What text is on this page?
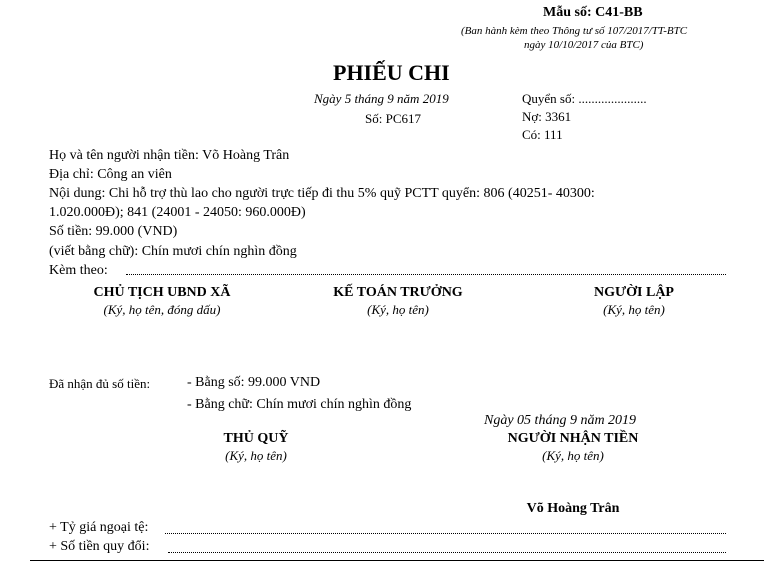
Mẫu số: C41-BB
(Ban hành kèm theo Thông tư số 107/2017/TT-BTC
ngày 10/10/2017 của BTC)
PHIẾU CHI
Ngày 5 tháng 9 năm 2019
Số: PC617
Quyển số: .....................
Nợ: 3361
Có: 111
Họ và tên người nhận tiền: Võ Hoàng Trân
Địa chỉ: Công an viên
Nội dung: Chi hỗ trợ thù lao cho người trực tiếp đi thu 5% quỹ PCTT quyển: 806 (40251- 40300:
1.020.000Đ); 841 (24001 - 24050: 960.000Đ)
Số tiền: 99.000 (VND)
(viết bằng chữ): Chín mươi chín nghìn đồng
Kèm theo:
CHỦ TỊCH UBND XÃ
(Ký, họ tên, đóng dấu)
KẾ TOÁN TRƯỞNG
(Ký, họ tên)
NGƯỜI LẬP
(Ký, họ tên)
Đã nhận đủ số tiền:	- Bằng số: 99.000 VND
- Bằng chữ: Chín mươi chín nghìn đồng
Ngày 05 tháng 9 năm 2019
THỦ QUỸ
(Ký, họ tên)
NGƯỜI NHẬN TIỀN
(Ký, họ tên)
Võ Hoàng Trân
+ Tỷ giá ngoại tệ:
+ Số tiền quy đổi:
